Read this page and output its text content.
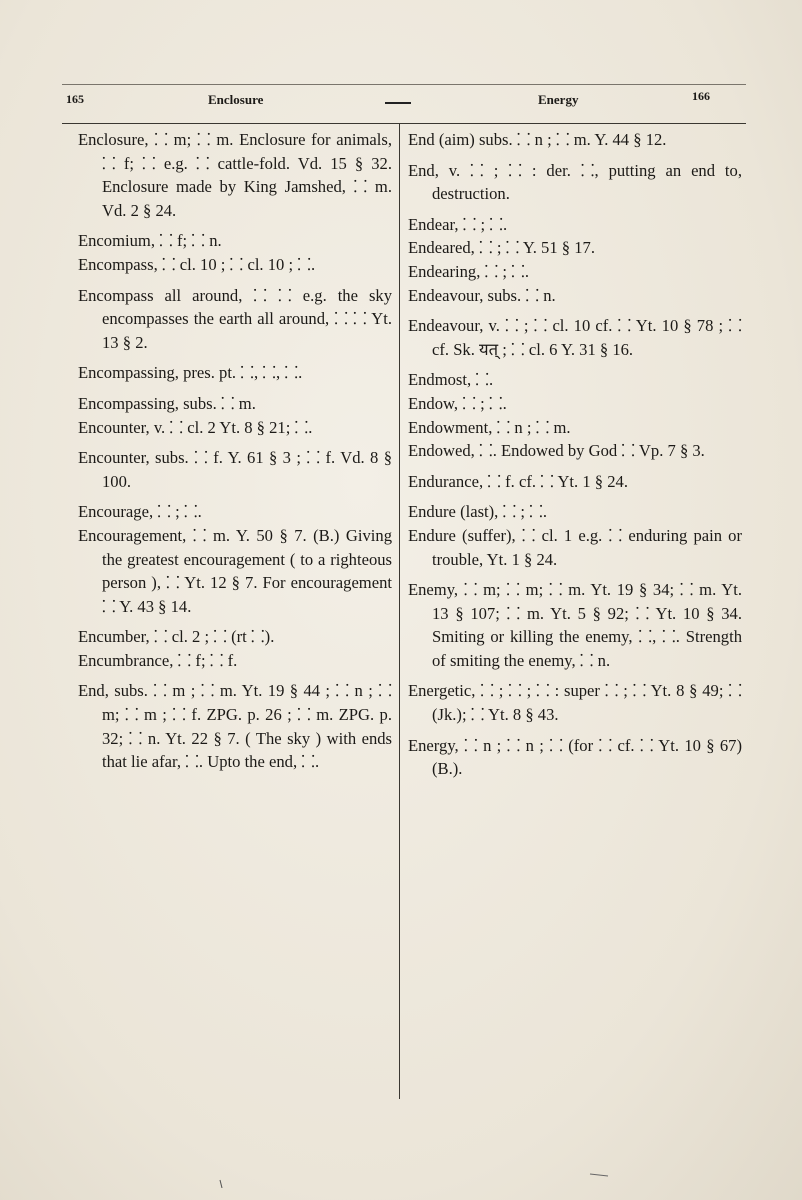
165	Enclosure	Energy	166

Enclosure, ⸬ m; ⸬ m. Enclosure for animals, ⸬ f; ⸬ e.g. ⸬ cattle-fold. Vd. 15 § 32. Enclosure made by King Jamshed, ⸬ m. Vd. 2 § 24.

Encomium, ⸬ f; ⸬ n.

Encompass, ⸬ cl. 10 ; ⸬ cl. 10 ; ⸬.

Encompass all around, ⸬ ⸬ e.g. the sky encompasses the earth all around, ⸬ ⸬ Yt. 13 § 2.

Encompassing, pres. pt. ⸬, ⸬, ⸬.

Encompassing, subs. ⸬ m.

Encounter, v. ⸬ cl. 2 Yt. 8 § 21; ⸬.

Encounter, subs. ⸬ f. Y. 61 § 3 ; ⸬ f. Vd. 8 § 100.

Encourage, ⸬ ; ⸬.

Encouragement, ⸬ m. Y. 50 § 7. (B.) Giving the greatest encouragement ( to a righteous person ), ⸬ Yt. 12 § 7. For encouragement ⸬ Y. 43 § 14.

Encumber, ⸬ cl. 2 ; ⸬ (rt ⸬).

Encumbrance, ⸬ f; ⸬ f.

End, subs. ⸬ m ; ⸬ m. Yt. 19 § 44 ; ⸬ n ; ⸬ m; ⸬ m ; ⸬ f. ZPG. p. 26 ; ⸬ m. ZPG. p. 32; ⸬ n. Yt. 22 § 7. ( The sky ) with ends that lie afar, ⸬. Upto the end, ⸬.

End (aim) subs. ⸬ n ; ⸬ m. Y. 44 § 12.

End, v. ⸬ ; ⸬ : der. ⸬, putting an end to, destruction.

Endear, ⸬ ; ⸬.

Endeared, ⸬ ; ⸬ Y. 51 § 17.

Endearing, ⸬ ; ⸬.

Endeavour, subs. ⸬ n.

Endeavour, v. ⸬ ; ⸬ cl. 10 cf. ⸬ Yt. 10 § 78 ; ⸬ cf. Sk. यत् ; ⸬ cl. 6 Y. 31 § 16.

Endmost, ⸬.

Endow, ⸬ ; ⸬.

Endowment, ⸬ n ; ⸬ m.

Endowed, ⸬. Endowed by God ⸬ Vp. 7 § 3.

Endurance, ⸬ f. cf. ⸬ Yt. 1 § 24.

Endure (last), ⸬ ; ⸬.

Endure (suffer), ⸬ cl. 1 e.g. ⸬ enduring pain or trouble, Yt. 1 § 24.

Enemy, ⸬ m; ⸬ m; ⸬ m. Yt. 19 § 34; ⸬ m. Yt. 13 § 107; ⸬ m. Yt. 5 § 92; ⸬ Yt. 10 § 34. Smiting or killing the enemy, ⸬, ⸬. Strength of smiting the enemy, ⸬ n.

Energetic, ⸬ ; ⸬ ; ⸬ : super ⸬ ; ⸬ Yt. 8 § 49; ⸬ (Jk.); ⸬ Yt. 8 § 43.

Energy, ⸬ n ; ⸬ n ; ⸬ (for ⸬ cf. ⸬ Yt. 10 § 67) (B.).
